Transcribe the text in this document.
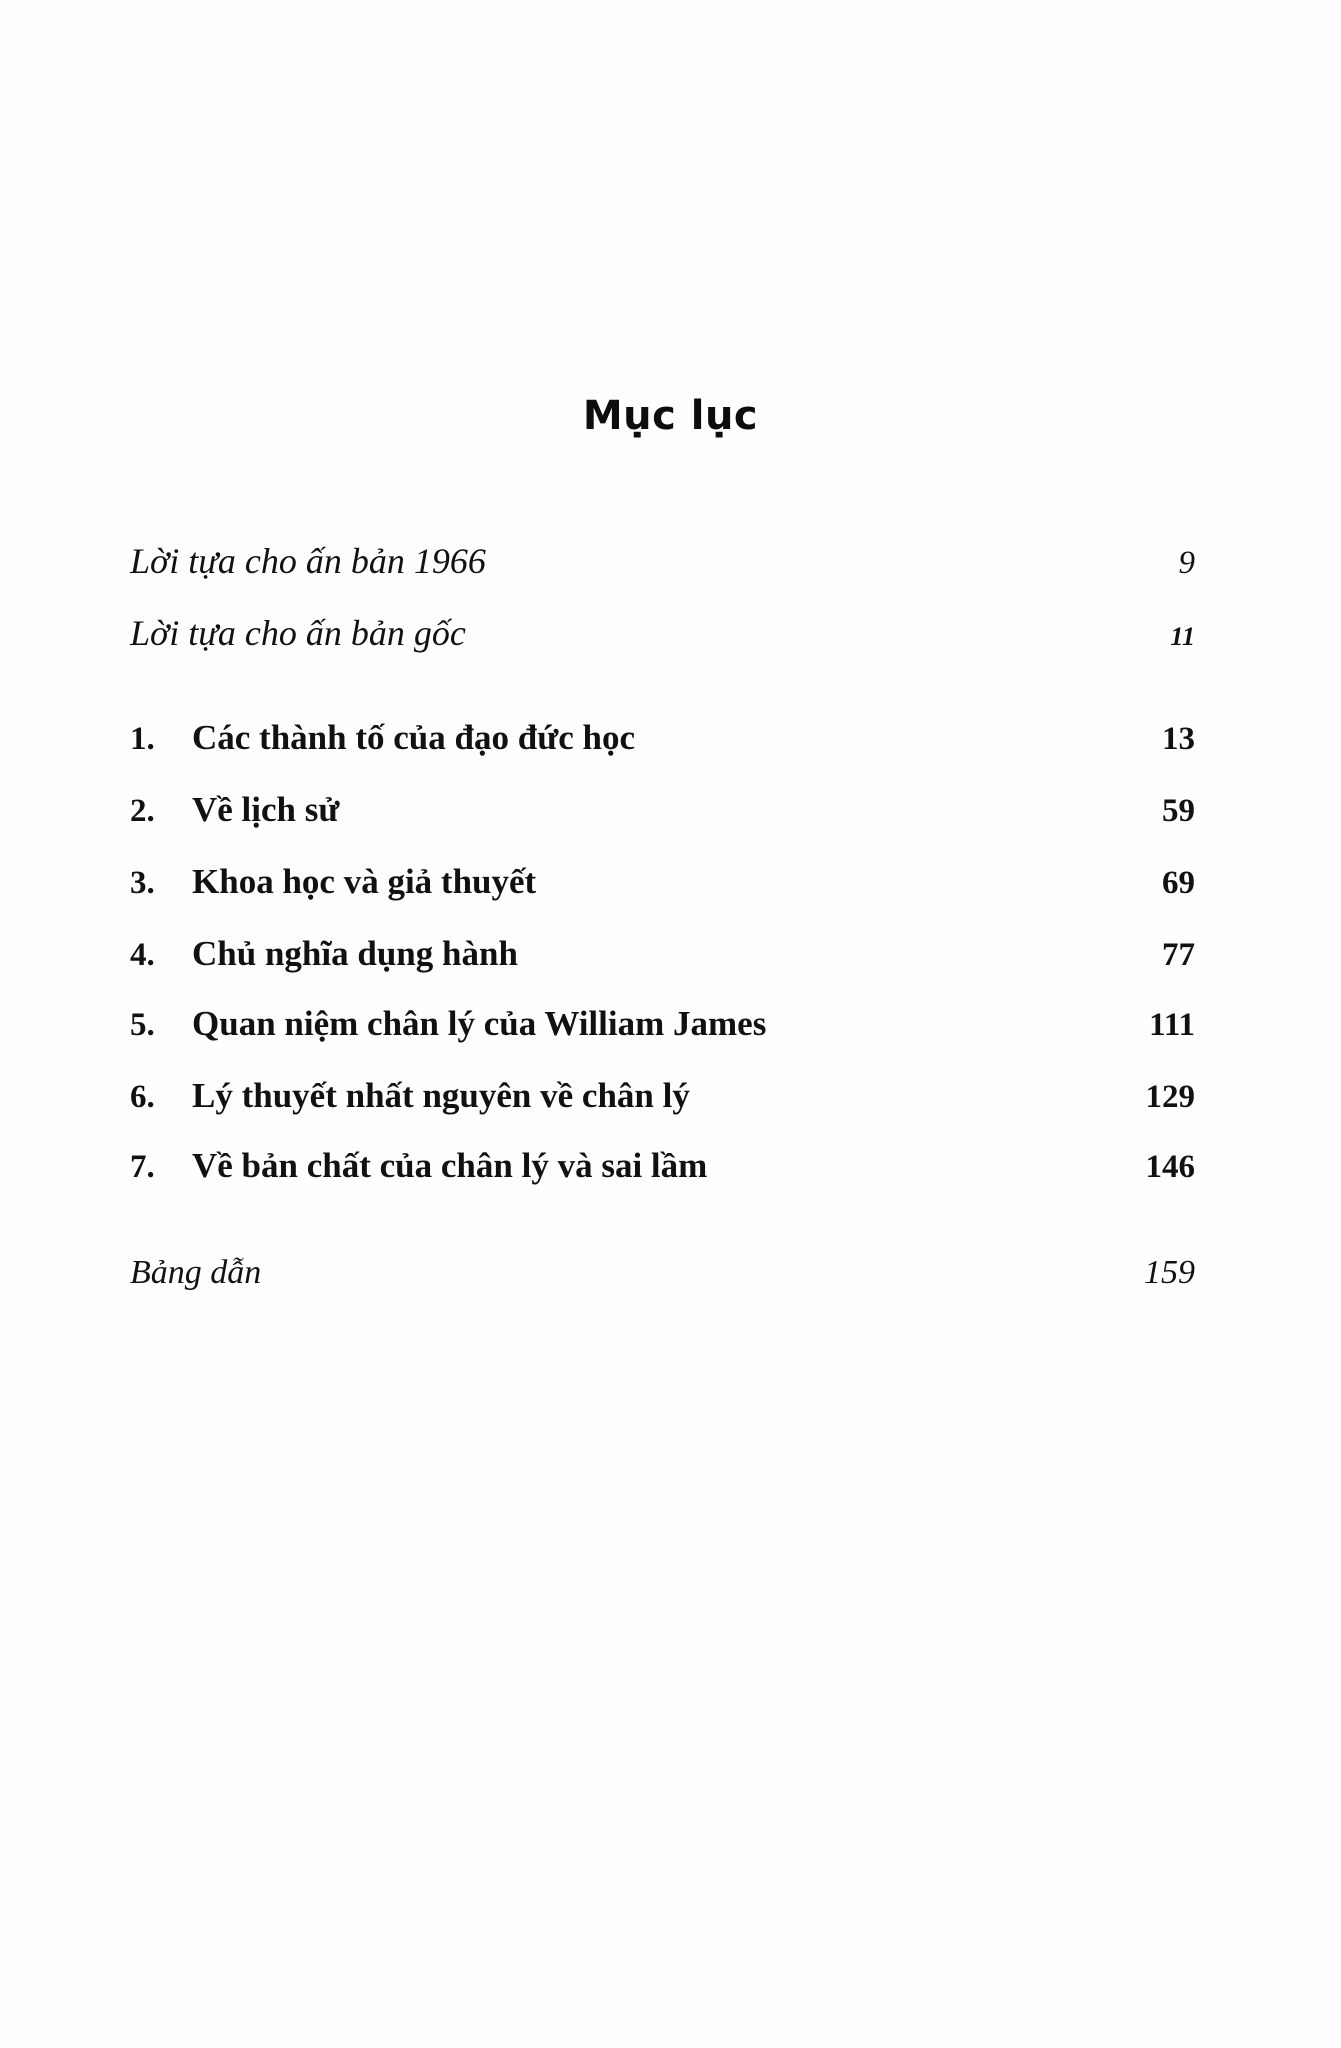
Mục lục
Lời tựa cho ấn bản 1966	9
Lời tựa cho ấn bản gốc	11
1.	Các thành tố của đạo đức học	13
2.	Về lịch sử	59
3.	Khoa học và giả thuyết	69
4.	Chủ nghĩa dụng hành	77
5.	Quan niệm chân lý của William James	111
6.	Lý thuyết nhất nguyên về chân lý	129
7.	Về bản chất của chân lý và sai lầm	146
Bảng dẫn	159
